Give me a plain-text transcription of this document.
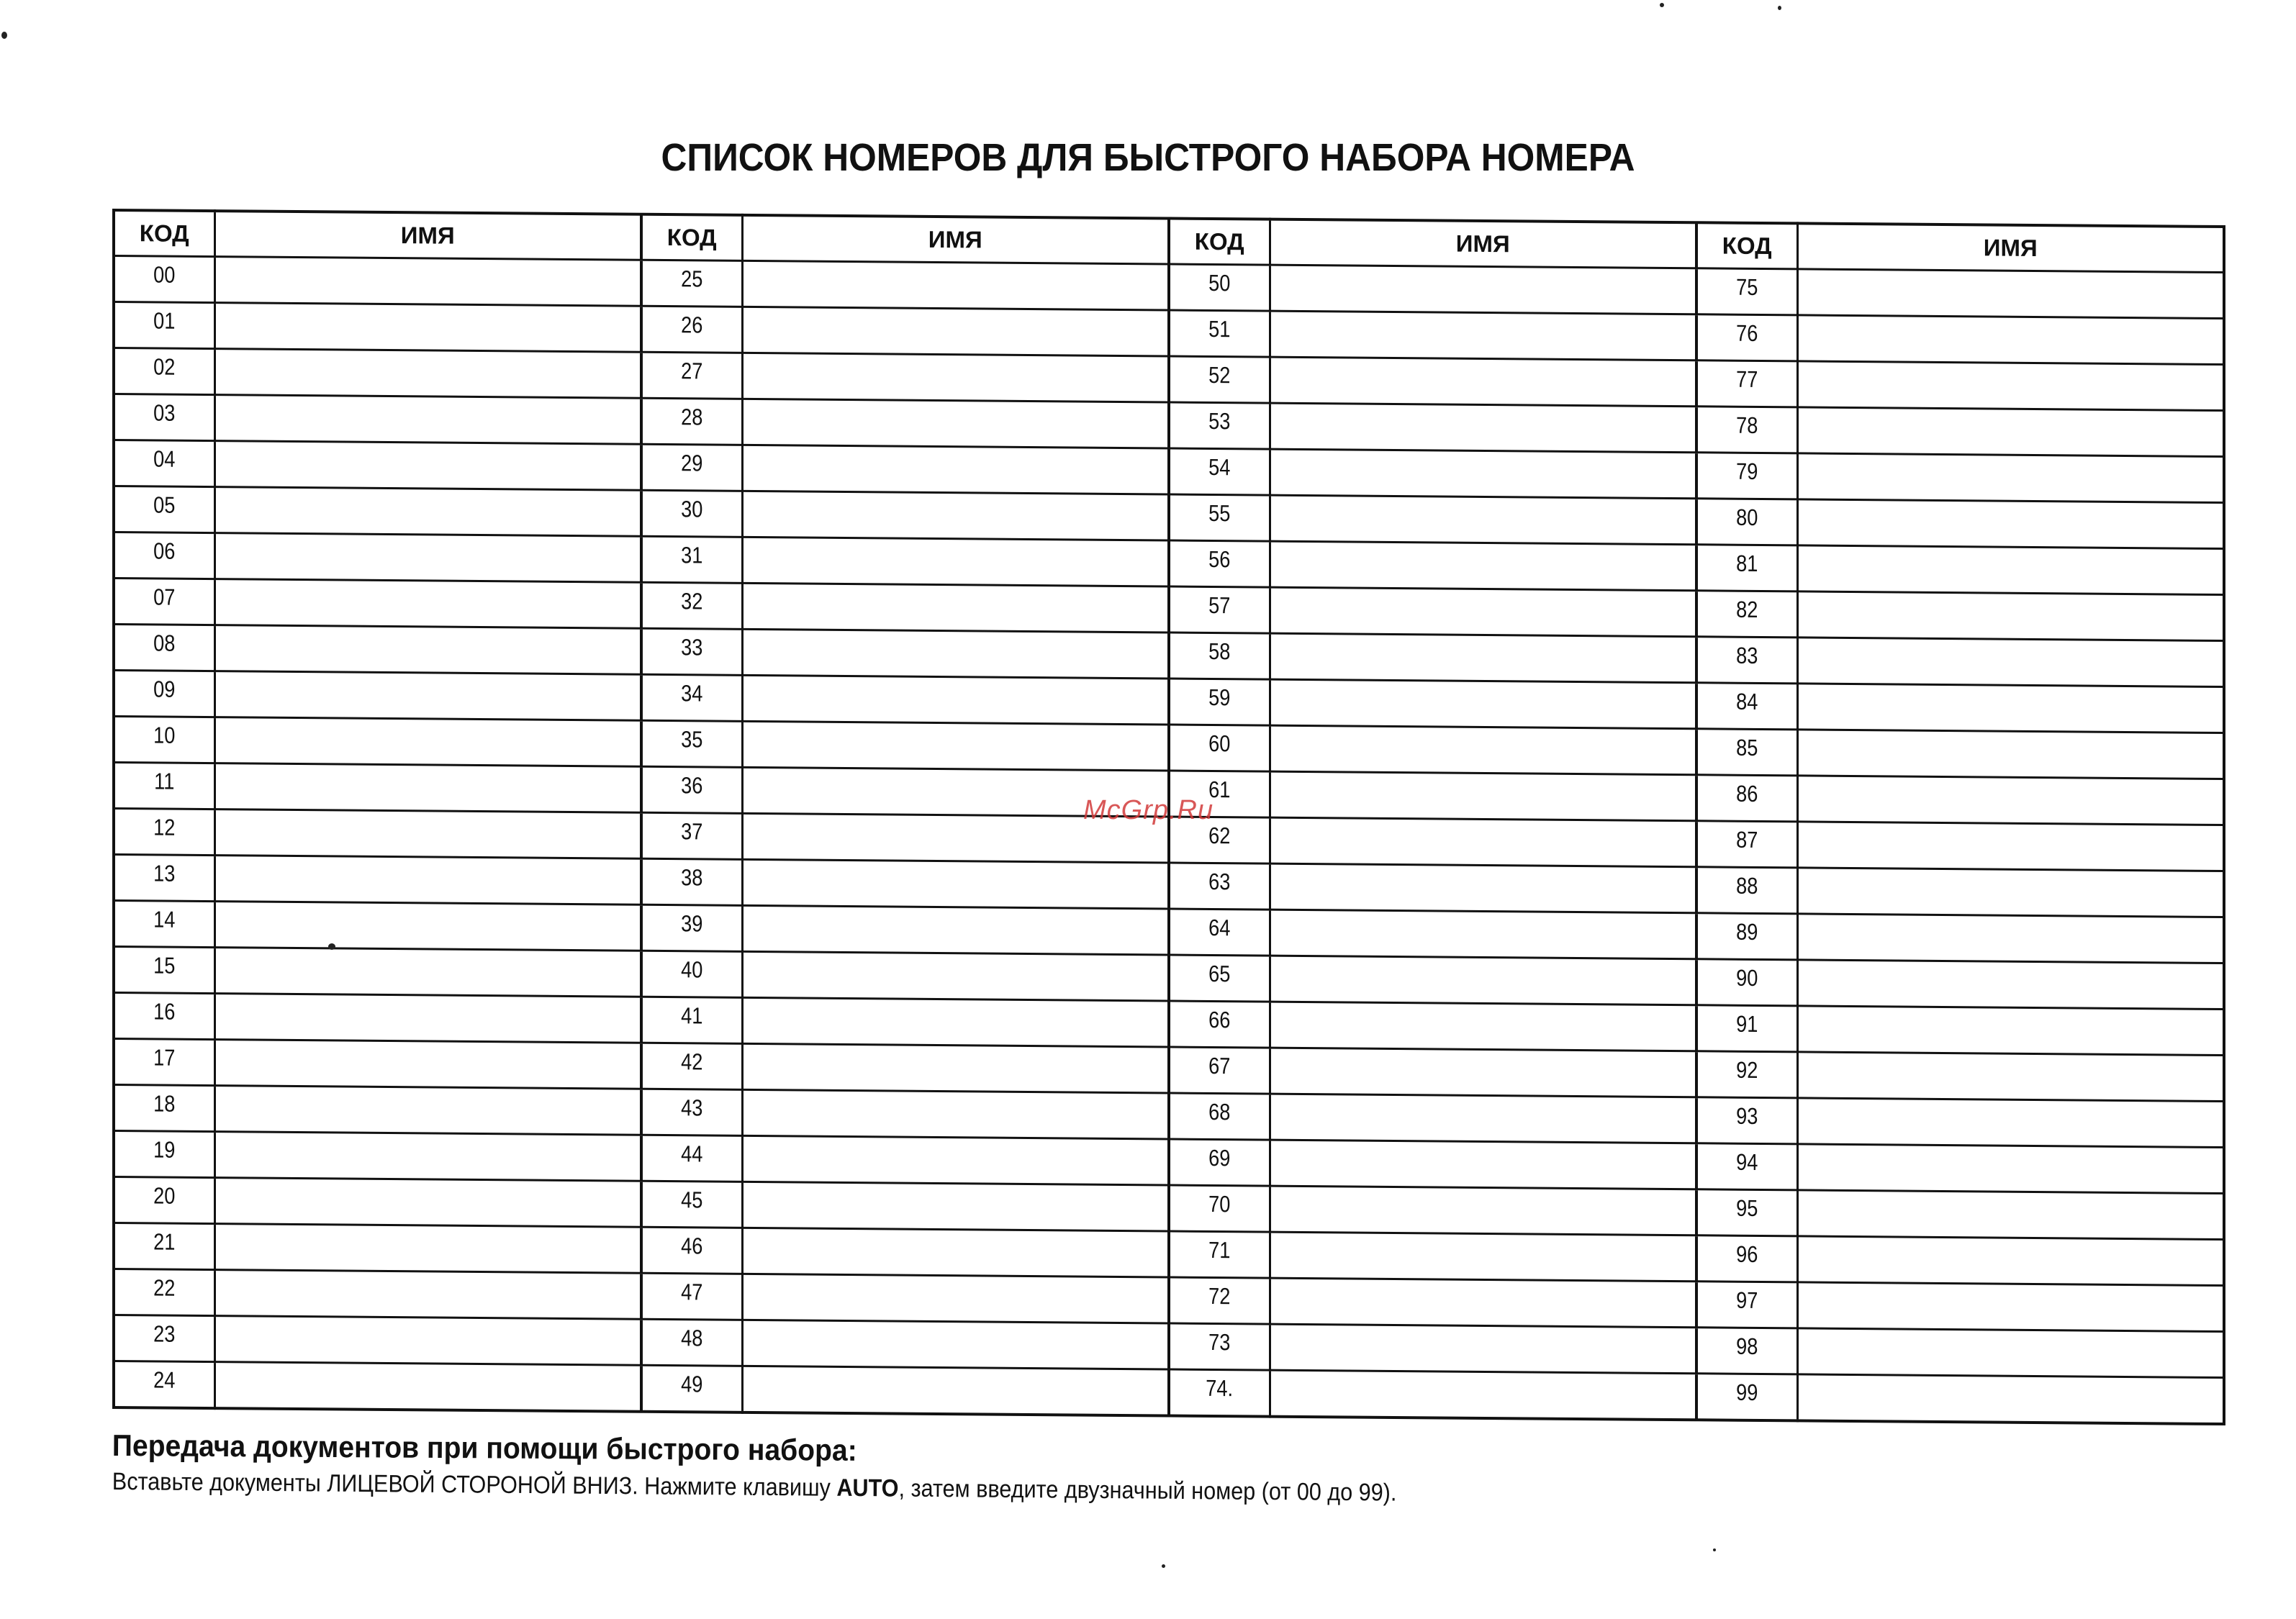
СПИСОК НОМЕРОВ ДЛЯ БЫСТРОГО НАБОРА НОМЕРА
КОД	ИМЯ	КОД	ИМЯ	КОД	ИМЯ	КОД	ИМЯ
00		25		50		75	
01		26		51		76	
02		27		52		77	
03		28		53		78	
04		29		54		79	
05		30		55		80	
06		31		56		81	
07		32		57		82	
08		33		58		83	
09		34		59		84	
10		35		60		85	
11		36		61		86	
12		37		62		87	
13		38		63		88	
14		39		64		89	
15		40		65		90	
16		41		66		91	
17		42		67		92	
18		43		68		93	
19		44		69		94	
20		45		70		95	
21		46		71		96	
22		47		72		97	
23		48		73		98	
24		49		74.		99	
McGrp.Ru
Передача документов при помощи быстрого набора:
Вставьте документы ЛИЦЕВОЙ СТОРОНОЙ ВНИЗ. Нажмите клавишу AUTO, затем введите двузначный номер (от 00 до 99).
